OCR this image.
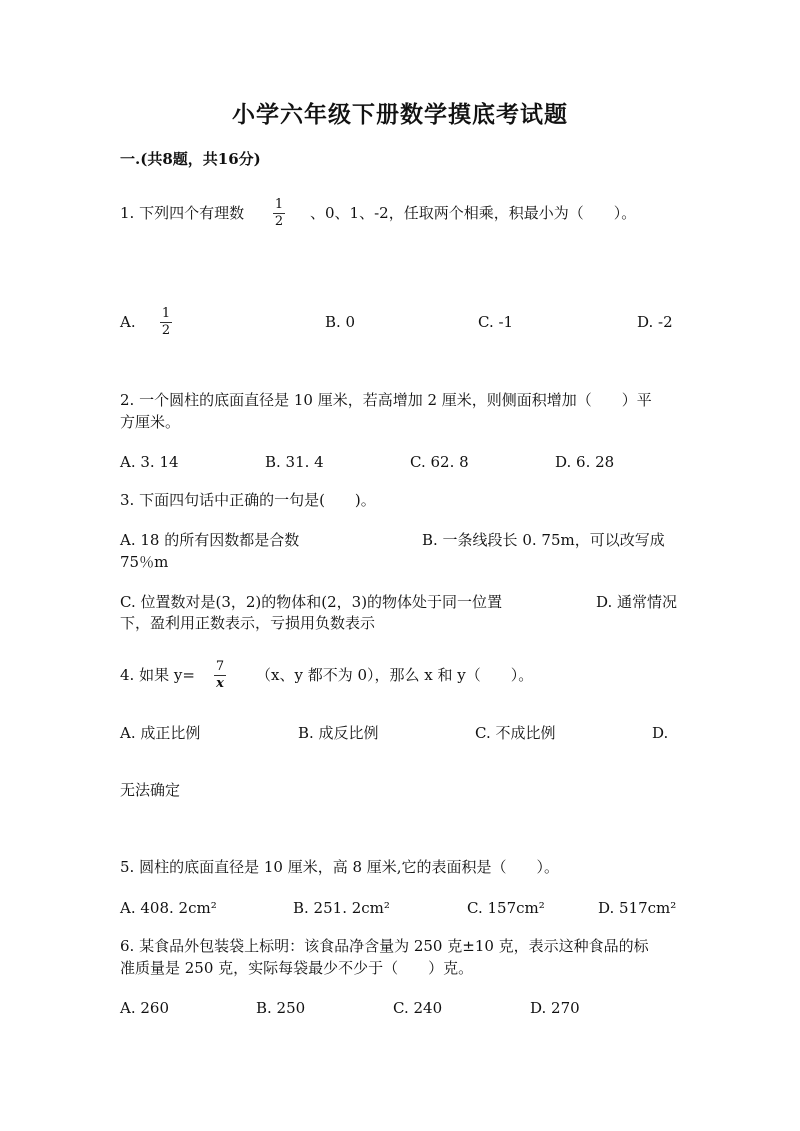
小学六年级下册数学摸底考试题
一.(共8题，共16分)
1. 下列四个有理数 1
2 、0、1、-2，任取两个相乘，积最小为（　　）。
A. 1
2	B. 0	C. -1	D. -2
2. 一个圆柱的底面直径是 10 厘米，若高增加 2 厘米，则侧面积增加（　　）平
方厘米。
A. 3. 14	B. 31. 4	C. 62. 8	D. 6. 28
3. 下面四句话中正确的一句是(　　)。
A. 18 的所有因数都是合数	B. 一条线段长 0. 75m，可以改写成
75％m
C. 位置数对是(3，2)的物体和(2，3)的物体处于同一位置	D. 通常情况
下，盈利用正数表示，亏损用负数表示
4. 如果 y= 7
x （x、y 都不为 0），那么 x 和 y（　　）。
A. 成正比例	B. 成反比例	C. 不成比例	D.
无法确定
5. 圆柱的底面直径是 10 厘米，高 8 厘米,它的表面积是（　　）。
A. 408. 2cm²	B. 251. 2cm²	C. 157cm²	D. 517cm²
6. 某食品外包装袋上标明：该食品净含量为 250 克±10 克，表示这种食品的标
准质量是 250 克，实际每袋最少不少于（　　）克。
A. 260	B. 250	C. 240	D. 270
